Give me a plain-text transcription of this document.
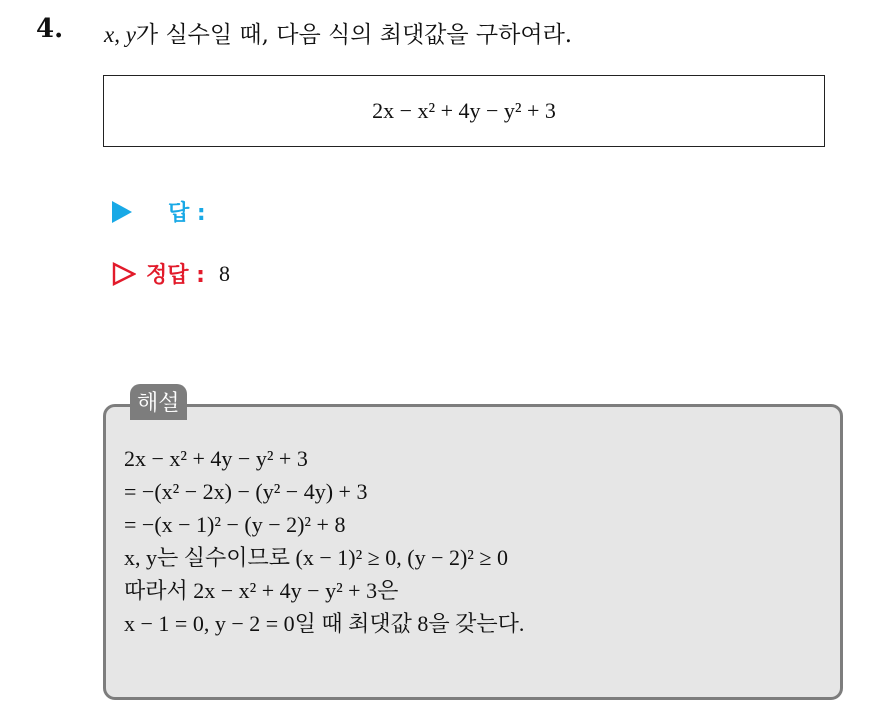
4. x, y가 실수일 때, 다음 식의 최댓값을 구하여라.
2x − x² + 4y − y² + 3
답 :
정답 : 8
해설
2x − x² + 4y − y² + 3
= −(x² − 2x) − (y² − 4y) + 3
= −(x − 1)² − (y − 2)² + 8
x, y는 실수이므로 (x − 1)² ≥ 0, (y − 2)² ≥ 0
따라서 2x − x² + 4y − y² + 3은
x − 1 = 0, y − 2 = 0일 때 최댓값 8을 갖는다.
